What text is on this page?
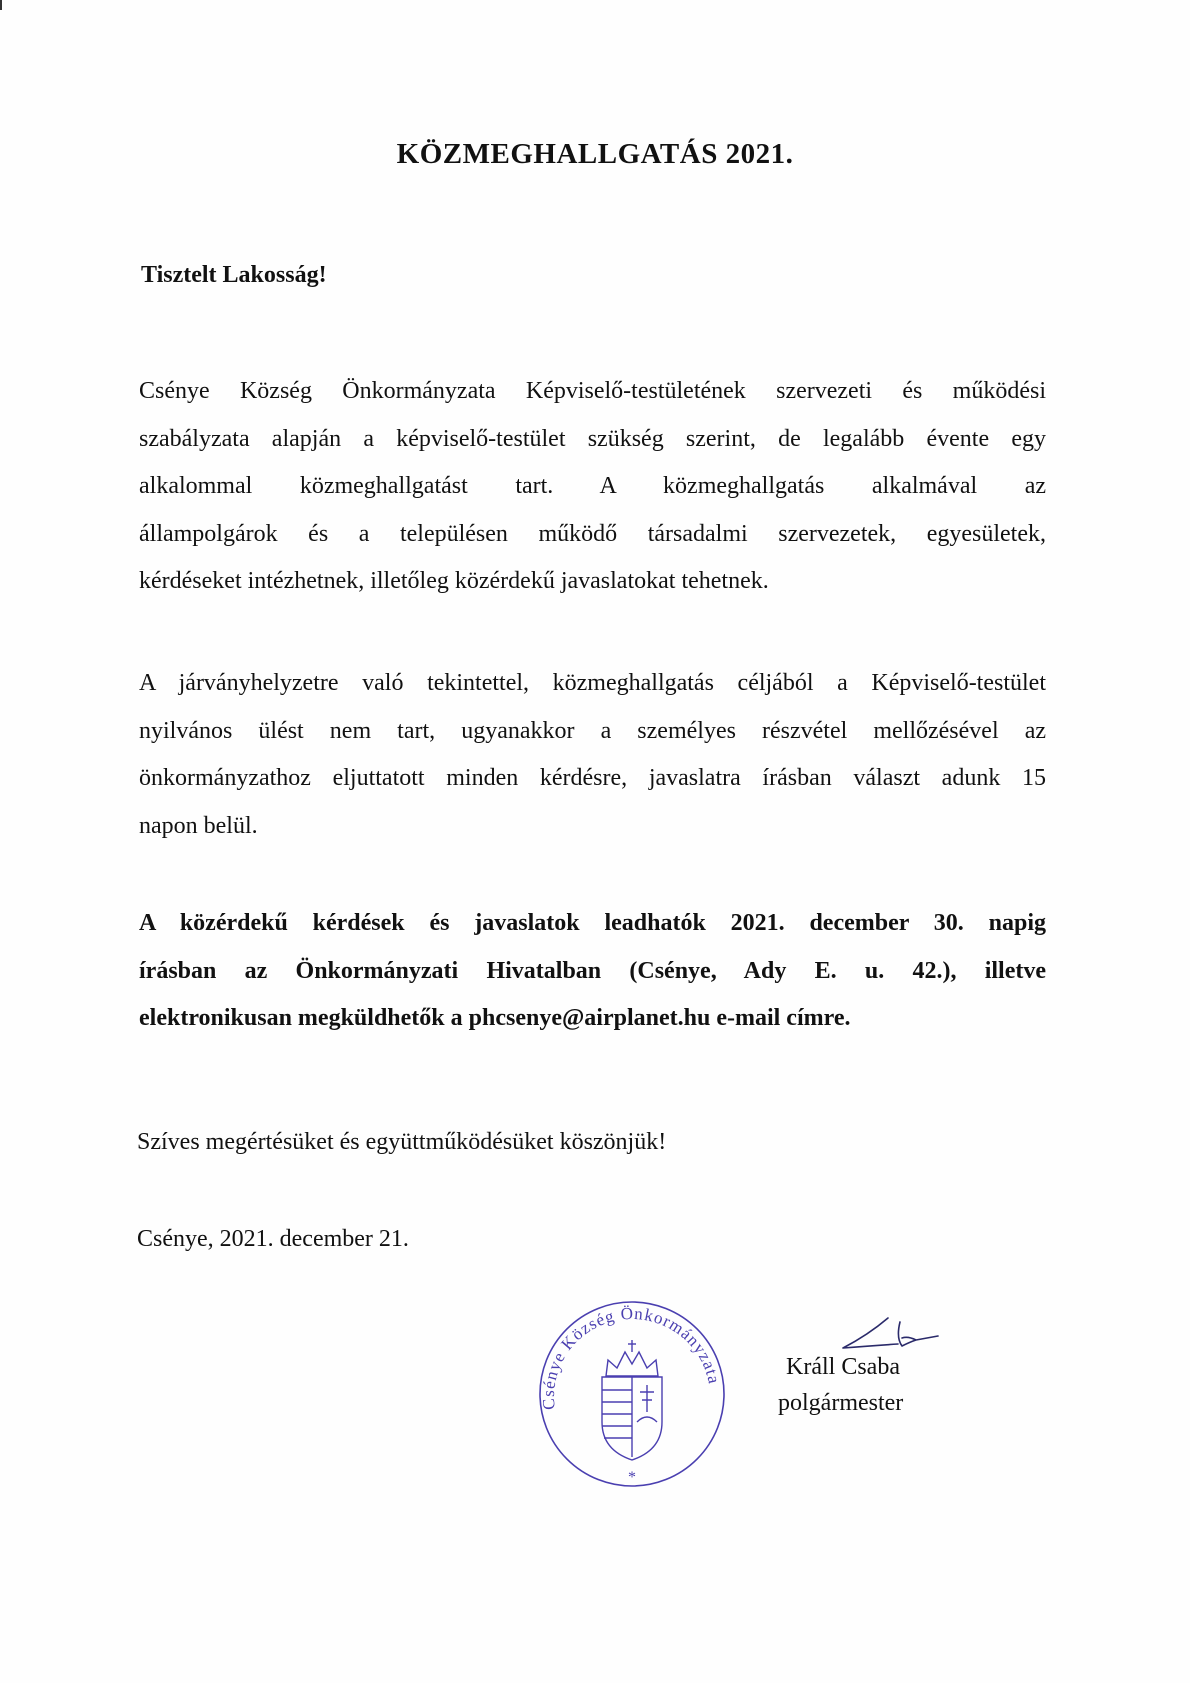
KÖZMEGHALLGATÁS 2021.
Tisztelt Lakosság!
Csénye Község Önkormányzata Képviselő-testületének szervezeti és működési
szabályzata alapján a képviselő-testület szükség szerint, de legalább évente egy
alkalommal közmeghallgatást tart. A közmeghallgatás alkalmával az
állampolgárok és a településen működő társadalmi szervezetek, egyesületek,
kérdéseket intézhetnek, illetőleg közérdekű javaslatokat tehetnek.
A járványhelyzetre való tekintettel, közmeghallgatás céljából a Képviselő-testület
nyilvános ülést nem tart, ugyanakkor a személyes részvétel mellőzésével az
önkormányzathoz eljuttatott minden kérdésre, javaslatra írásban választ adunk 15
napon belül.
A közérdekű kérdések és javaslatok leadhatók 2021. december 30. napig
írásban az Önkormányzati Hivatalban (Csénye, Ady E. u. 42.), illetve
elektronikusan megküldhetők a phcsenye@airplanet.hu e-mail címre.
Szíves megértésüket és együttműködésüket köszönjük!
Csénye, 2021. december 21.
Csénye Község Önkormányzata
*
Králl Csaba
polgármester
